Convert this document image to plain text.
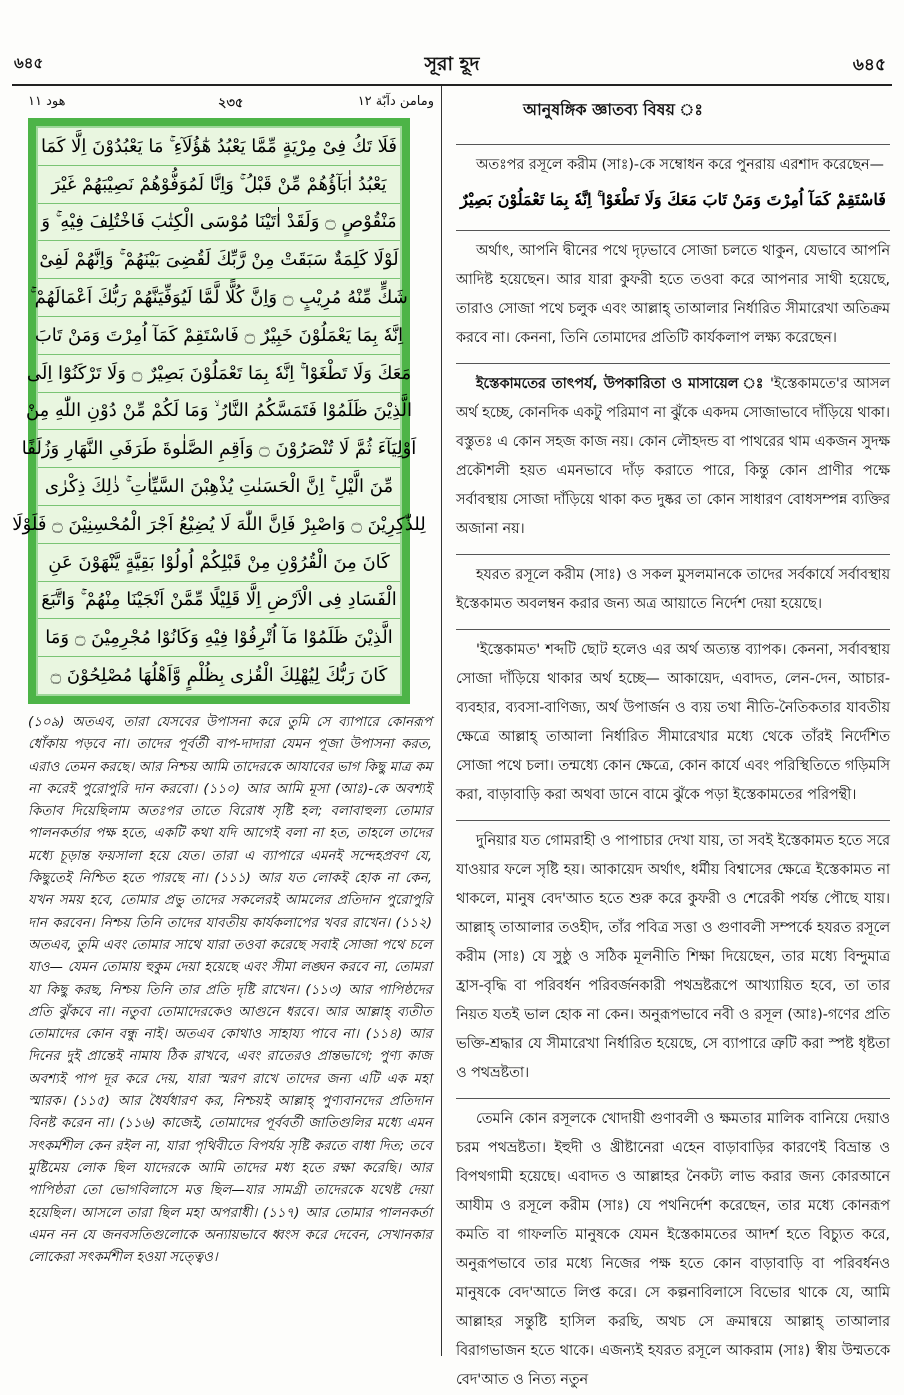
৬৪৫	সূরা হূদ	৬৪৫
هود ١١	২৩৫	ومامن دآبّة ١٢
فَلَا تَكُ فِىْ مِرْيَةٍ مِّمَّا يَعْبُدُ هٰٓؤُلَآءِ ۚ مَا يَعْبُدُوْنَ اِلَّا كَمَا
يَعْبُدُ اٰبَآؤُهُمْ مِّنْ قَبْلُ ۚ وَاِنَّا لَمُوَفُّوْهُمْ نَصِيْبَهُمْ غَيْرَ
مَنْقُوْصٍ ۝ وَلَقَدْ اٰتَيْنَا مُوْسَى الْكِتٰبَ فَاخْتُلِفَ فِيْهِ ۚ وَ
لَوْلَا كَلِمَةٌ سَبَقَتْ مِنْ رَّبِّكَ لَقُضِىَ بَيْنَهُمْ ۚ وَاِنَّهُمْ لَفِىْ
شَكٍّ مِّنْهُ مُرِيْبٍ ۝ وَاِنَّ كُلًّا لَّمَّا لَيُوَفِّيَنَّهُمْ رَبُّكَ اَعْمَالَهُمْ ۚ
اِنَّهٗ بِمَا يَعْمَلُوْنَ خَبِيْرٌ ۝ فَاسْتَقِمْ كَمَآ اُمِرْتَ وَمَنْ تَابَ
مَعَكَ وَلَا تَطْغَوْا ۚ اِنَّهٗ بِمَا تَعْمَلُوْنَ بَصِيْرٌ ۝ وَلَا تَرْكَنُوْٓا اِلَى
الَّذِيْنَ ظَلَمُوْا فَتَمَسَّكُمُ النَّارُ ۙ وَمَا لَكُمْ مِّنْ دُوْنِ اللّٰهِ مِنْ
اَوْلِيَآءَ ثُمَّ لَا تُنْصَرُوْنَ ۝ وَاَقِمِ الصَّلٰوةَ طَرَفَىِ النَّهَارِ وَزُلَفًا
مِّنَ الَّيْلِ ۚ اِنَّ الْحَسَنٰتِ يُذْهِبْنَ السَّيِّاٰتِ ۚ ذٰلِكَ ذِكْرٰى
لِلذّٰكِرِيْنَ ۝ وَاصْبِرْ فَاِنَّ اللّٰهَ لَا يُضِيْعُ اَجْرَ الْمُحْسِنِيْنَ ۝ فَلَوْلَا
كَانَ مِنَ الْقُرُوْنِ مِنْ قَبْلِكُمْ اُولُوْا بَقِيَّةٍ يَّنْهَوْنَ عَنِ
الْفَسَادِ فِى الْاَرْضِ اِلَّا قَلِيْلًا مِّمَّنْ اَنْجَيْنَا مِنْهُمْ ۚ وَاتَّبَعَ
الَّذِيْنَ ظَلَمُوْا مَآ اُتْرِفُوْا فِيْهِ وَكَانُوْا مُجْرِمِيْنَ ۝ وَمَا
كَانَ رَبُّكَ لِيُهْلِكَ الْقُرٰى بِظُلْمٍ وَّاَهْلُهَا مُصْلِحُوْنَ ۝
(১০৯) অতএব, তারা যেসবের উপাসনা করে তুমি সে ব্যাপারে কোনরূপ ধোঁকায় পড়বে না। তাদের পূর্বর্তী বাপ-দাদারা যেমন পূজা উপাসনা করত, এরাও তেমন করছে। আর নিশ্চয় আমি তাদেরকে আযাবের ভাগ কিছু মাত্র কম না করেই পুরোপুরি দান করবো। (১১০) আর আমি মূসা (আঃ)-কে অবশ্যই কিতাব দিয়েছিলাম অতঃপর তাতে বিরোধ সৃষ্টি হল; বলাবাহুল্য তোমার পালনকর্তার পক্ষ হতে, একটি কথা যদি আগেই বলা না হত, তাহলে তাদের মধ্যে চূড়ান্ত ফয়সালা হয়ে যেত। তারা এ ব্যাপারে এমনই সন্দেহপ্রবণ যে, কিছুতেই নিশ্চিত হতে পারছে না। (১১১) আর যত লোকই হোক না কেন, যখন সময় হবে, তোমার প্রভু তাদের সকলেরই আমলের প্রতিদান পুরোপুরি দান করবেন। নিশ্চয় তিনি তাদের যাবতীয় কার্যকলাপের খবর রাখেন। (১১২) অতএব, তুমি এবং তোমার সাথে যারা তওবা করেছে সবাই সোজা পথে চলে যাও— যেমন তোমায় হুকুম দেয়া হয়েছে এবং সীমা লঙ্ঘন করবে না, তোমরা যা কিছু করছ, নিশ্চয় তিনি তার প্রতি দৃষ্টি রাখেন। (১১৩) আর পাপিষ্ঠদের প্রতি ঝুঁকবে না। নতুবা তোমাদেরকেও আগুনে ধরবে। আর আল্লাহ্ ব্যতীত তোমাদের কোন বন্ধু নাই। অতএব কোথাও সাহায্য পাবে না। (১১৪) আর দিনের দুই প্রান্তেই নামায ঠিক রাখবে, এবং রাতেরও প্রান্তভাগে; পুণ্য কাজ অবশ্যই পাপ দূর করে দেয়, যারা স্মরণ রাখে তাদের জন্য এটি এক মহা স্মারক। (১১৫) আর ধৈর্যধারণ কর, নিশ্চয়ই আল্লাহ্ পুণ্যবানদের প্রতিদান বিনষ্ট করেন না। (১১৬) কাজেই, তোমাদের পূর্ববর্তী জাতিগুলির মধ্যে এমন সৎকর্মশীল কেন রইল না, যারা পৃথিবীতে বিপর্যয় সৃষ্টি করতে বাধা দিত; তবে মুষ্টিমেয় লোক ছিল যাদেরকে আমি তাদের মধ্য হতে রক্ষা করেছি। আর পাপিষ্ঠরা তো ভোগবিলাসে মত্ত ছিল—যার সামগ্রী তাদেরকে যথেষ্ট দেয়া হয়েছিল। আসলে তারা ছিল মহা অপরাধী। (১১৭) আর তোমার পালনকর্তা এমন নন যে জনবসতিগুলোকে অন্যায়ভাবে ধ্বংস করে দেবেন, সেখানকার লোকেরা সৎকর্মশীল হওয়া সত্ত্বেও।
আনুষঙ্গিক জ্ঞাতব্য বিষয় ঃ

অতঃপর রসূলে করীম (সাঃ)-কে সম্বোধন করে পুনরায় এরশাদ করেছেন—

فَاسْتَقِمْ كَمَآ اُمِرْتَ وَمَنْ تَابَ مَعَكَ وَلَا تَطْغَوْا ۚ اِنَّهٗ بِمَا تَعْمَلُوْنَ بَصِيْرٌ

অর্থাৎ, আপনি দ্বীনের পথে দৃঢ়ভাবে সোজা চলতে থাকুন, যেভাবে আপনি আদিষ্ট হয়েছেন। আর যারা কুফরী হতে তওবা করে আপনার সাথী হয়েছে, তারাও সোজা পথে চলুক এবং আল্লাহ্ তাআলার নির্ধারিত সীমারেখা অতিক্রম করবে না। কেননা, তিনি তোমাদের প্রতিটি কার্যকলাপ লক্ষ্য করেছেন।

ইস্তেকামতের তাৎপর্য, উপকারিতা ও মাসায়েল ঃ 'ইস্তেকামতে'র আসল অর্থ হচ্ছে, কোনদিক একটু পরিমাণ না ঝুঁকে একদম সোজাভাবে দাঁড়িয়ে থাকা। বস্তুতঃ এ কোন সহজ কাজ নয়। কোন লৌহদন্ড বা পাথরের থাম একজন সুদক্ষ প্রকৌশলী হয়ত এমনভাবে দাঁড় করাতে পারে, কিন্তু কোন প্রাণীর পক্ষে সর্বাবস্থায় সোজা দাঁড়িয়ে থাকা কত দুষ্কর তা কোন সাধারণ বোধসম্পন্ন ব্যক্তির অজানা নয়।

হযরত রসূলে করীম (সাঃ) ও সকল মুসলমানকে তাদের সর্বকার্যে সর্বাবস্থায় ইস্তেকামত অবলম্বন করার জন্য অত্র আয়াতে নির্দেশ দেয়া হয়েছে।

'ইস্তেকামত' শব্দটি ছোট হলেও এর অর্থ অত্যন্ত ব্যাপক। কেননা, সর্বাবস্থায় সোজা দাঁড়িয়ে থাকার অর্থ হচ্ছে— আকায়েদ, এবাদত, লেন-দেন, আচার-ব্যবহার, ব্যবসা-বাণিজ্য, অর্থ উপার্জন ও ব্যয় তথা নীতি-নৈতিকতার যাবতীয় ক্ষেত্রে আল্লাহ্ তাআলা নির্ধারিত সীমারেখার মধ্যে থেকে তাঁরই নির্দেশিত সোজা পথে চলা। তন্মধ্যে কোন ক্ষেত্রে, কোন কার্যে এবং পরিস্থিতিতে গড়িমসি করা, বাড়াবাড়ি করা অথবা ডানে বামে ঝুঁকে পড়া ইস্তেকামতের পরিপন্থী।

দুনিয়ার যত গোমরাহী ও পাপাচার দেখা যায়, তা সবই ইস্তেকামত হতে সরে যাওয়ার ফলে সৃষ্টি হয়। আকায়েদ অর্থাৎ, ধর্মীয় বিশ্বাসের ক্ষেত্রে ইস্তেকামত না থাকলে, মানুষ বেদ'আত হতে শুরু করে কুফরী ও শেরেকী পর্যন্ত পৌছে যায়। আল্লাহ্ তাআলার তওহীদ, তাঁর পবিত্র সত্তা ও গুণাবলী সম্পর্কে হযরত রসূলে করীম (সাঃ) যে সুষ্ঠু ও সঠিক মূলনীতি শিক্ষা দিয়েছেন, তার মধ্যে বিন্দুমাত্র হ্রাস-বৃদ্ধি বা পরিবর্ধন পরিবর্জনকারী পথভ্রষ্টরূপে আখ্যায়িত হবে, তা তার নিয়ত যতই ভাল হোক না কেন। অনুরূপভাবে নবী ও রসূল (আঃ)-গণের প্রতি ভক্তি-শ্রদ্ধার যে সীমারেখা নির্ধারিত হয়েছে, সে ব্যাপারে ত্রুটি করা স্পষ্ট ধৃষ্টতা ও পথভ্রষ্টতা।

তেমনি কোন রসূলকে খোদায়ী গুণাবলী ও ক্ষমতার মালিক বানিয়ে দেয়াও চরম পথভ্রষ্টতা। ইহুদী ও খ্রীষ্টানেরা এহেন বাড়াবাড়ির কারণেই বিভ্রান্ত ও বিপথগামী হয়েছে। এবাদত ও আল্লাহর নৈকট্য লাভ করার জন্য কোরআনে আযীম ও রসূলে করীম (সাঃ) যে পথনির্দেশ করেছেন, তার মধ্যে কোনরূপ কমতি বা গাফলতি মানুষকে যেমন ইস্তেকামতের আদর্শ হতে বিচ্যুত করে, অনুরূপভাবে তার মধ্যে নিজের পক্ষ হতে কোন বাড়াবাড়ি বা পরিবর্ধনও মানুষকে বেদ'আতে লিপ্ত করে। সে কল্পনাবিলাসে বিভোর থাকে যে, আমি আল্লাহর সন্তুষ্টি হাসিল করছি, অথচ সে ক্রমান্বয়ে আল্লাহ্ তাআলার বিরাগভাজন হতে থাকে। এজন্যই হযরত রসূলে আকরাম (সাঃ) স্বীয় উম্মতকে বেদ'আত ও নিত্য নতুন
